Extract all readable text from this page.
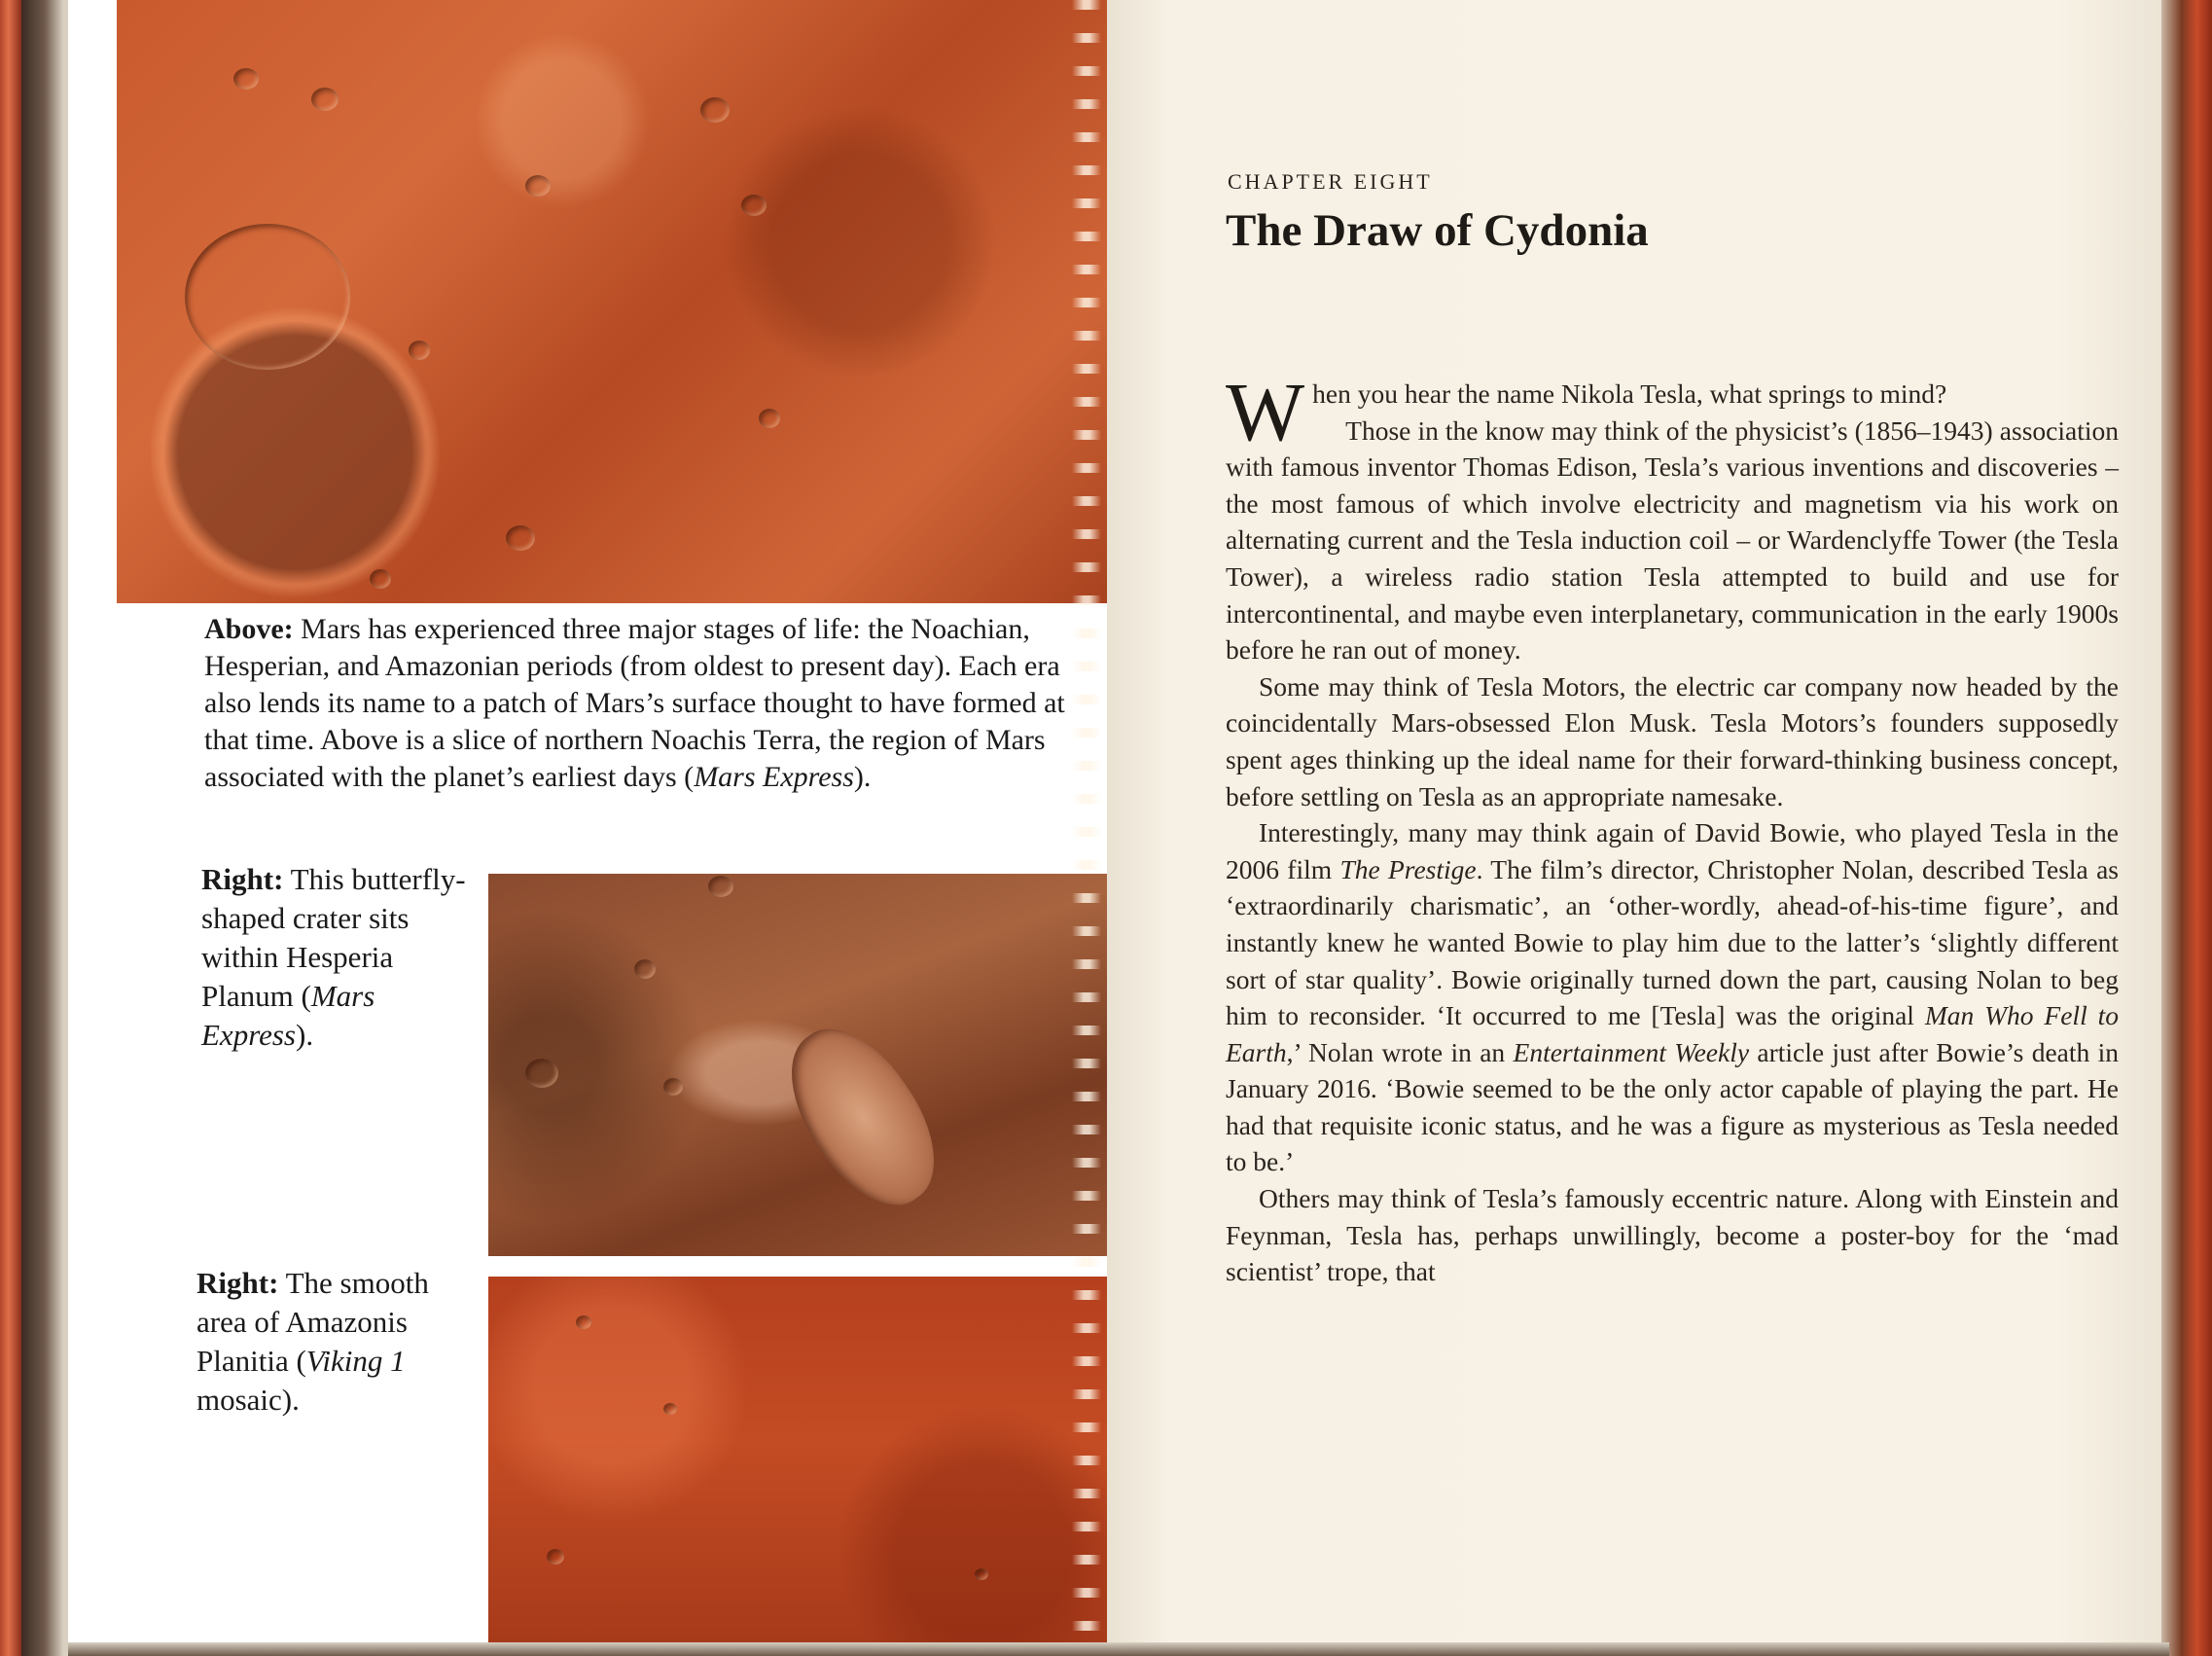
Above: Mars has experienced three major stages of life: the Noachian, Hesperian, and Amazonian periods (from oldest to present day). Each era also lends its name to a patch of Mars’s surface thought to have formed at that time. Above is a slice of northern Noachis Terra, the region of Mars associated with the planet’s earliest days (Mars Express).
Right: This butterfly-shaped crater sits within Hesperia Planum (Mars Express).
Right: The smooth area of Amazonis Planitia (Viking 1 mosaic).
CHAPTER EIGHT
The Draw of Cydonia

When you hear the name Nikola Tesla, what springs to mind?

Those in the know may think of the physicist’s (1856–1943) association with famous inventor Thomas Edison, Tesla’s various inventions and discoveries – the most famous of which involve electricity and magnetism via his work on alternating current and the Tesla induction coil – or Wardenclyffe Tower (the Tesla Tower), a wireless radio station Tesla attempted to build and use for intercontinental, and maybe even interplanetary, communication in the early 1900s before he ran out of money.

Some may think of Tesla Motors, the electric car company now headed by the coincidentally Mars-obsessed Elon Musk. Tesla Motors’s founders supposedly spent ages thinking up the ideal name for their forward-thinking business concept, before settling on Tesla as an appropriate namesake.

Interestingly, many may think again of David Bowie, who played Tesla in the 2006 film The Prestige. The film’s director, Christopher Nolan, described Tesla as ‘extraordinarily charismatic’, an ‘other-wordly, ahead-of-his-time figure’, and instantly knew he wanted Bowie to play him due to the latter’s ‘slightly different sort of star quality’. Bowie originally turned down the part, causing Nolan to beg him to reconsider. ‘It occurred to me [Tesla] was the original Man Who Fell to Earth,’ Nolan wrote in an Entertainment Weekly article just after Bowie’s death in January 2016. ‘Bowie seemed to be the only actor capable of playing the part. He had that requisite iconic status, and he was a figure as mysterious as Tesla needed to be.’

Others may think of Tesla’s famously eccentric nature. Along with Einstein and Feynman, Tesla has, perhaps unwillingly, become a poster-boy for the ‘mad scientist’ trope, that
